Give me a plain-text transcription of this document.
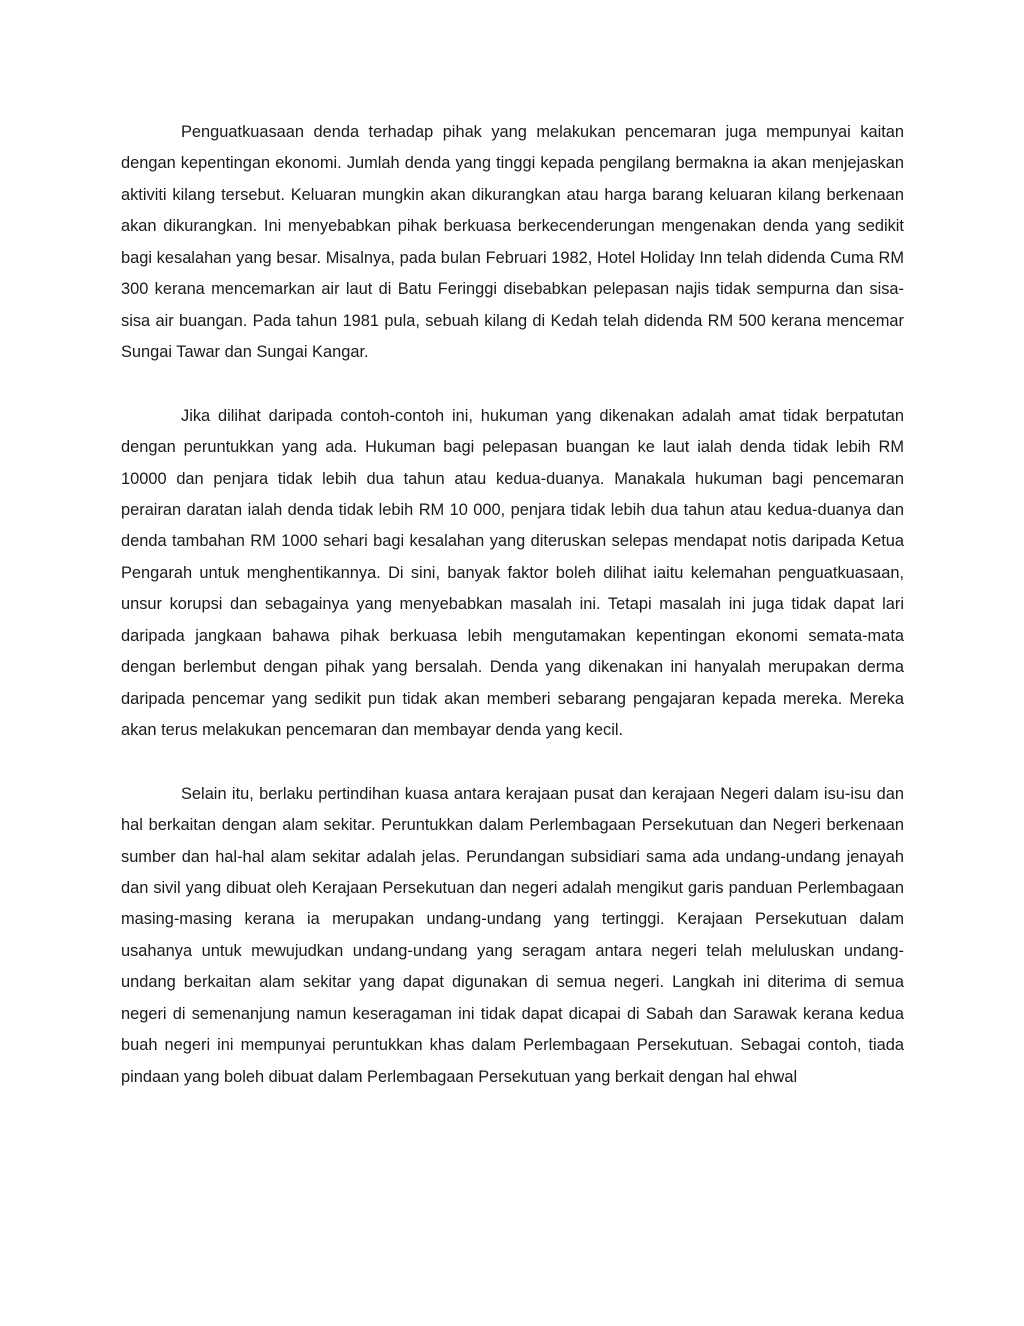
Penguatkuasaan denda terhadap pihak yang melakukan pencemaran juga mempunyai kaitan dengan kepentingan ekonomi. Jumlah denda yang tinggi kepada pengilang bermakna ia akan menjejaskan aktiviti kilang tersebut. Keluaran mungkin akan dikurangkan atau harga barang keluaran kilang berkenaan akan dikurangkan. Ini menyebabkan pihak berkuasa berkecenderungan mengenakan denda yang sedikit bagi kesalahan yang besar. Misalnya, pada bulan Februari 1982, Hotel Holiday Inn telah didenda Cuma RM 300 kerana mencemarkan air laut di Batu Feringgi disebabkan pelepasan najis tidak sempurna dan sisa-sisa air buangan. Pada tahun 1981 pula, sebuah kilang di Kedah telah didenda RM 500 kerana mencemar Sungai Tawar dan Sungai Kangar.

Jika dilihat daripada contoh-contoh ini, hukuman yang dikenakan adalah amat tidak berpatutan dengan peruntukkan yang ada. Hukuman bagi pelepasan buangan ke laut ialah denda tidak lebih RM 10000 dan penjara tidak lebih dua tahun atau kedua-duanya. Manakala hukuman bagi pencemaran perairan daratan ialah denda tidak lebih RM 10 000, penjara tidak lebih dua tahun atau kedua-duanya dan denda tambahan RM 1000 sehari bagi kesalahan yang diteruskan selepas mendapat notis daripada Ketua Pengarah untuk menghentikannya. Di sini, banyak faktor boleh dilihat iaitu kelemahan penguatkuasaan, unsur korupsi dan sebagainya yang menyebabkan masalah ini. Tetapi masalah ini juga tidak dapat lari daripada jangkaan bahawa pihak berkuasa lebih mengutamakan kepentingan ekonomi semata-mata dengan berlembut dengan pihak yang bersalah. Denda yang dikenakan ini hanyalah merupakan derma daripada pencemar yang sedikit pun tidak akan memberi sebarang pengajaran kepada mereka. Mereka akan terus melakukan pencemaran dan membayar denda yang kecil.

Selain itu, berlaku pertindihan kuasa antara kerajaan pusat dan kerajaan Negeri dalam isu-isu dan hal berkaitan dengan alam sekitar. Peruntukkan dalam Perlembagaan Persekutuan dan Negeri berkenaan sumber dan hal-hal alam sekitar adalah jelas. Perundangan subsidiari sama ada undang-undang jenayah dan sivil yang dibuat oleh Kerajaan Persekutuan dan negeri adalah mengikut garis panduan Perlembagaan masing-masing kerana ia merupakan undang-undang yang tertinggi. Kerajaan Persekutuan dalam usahanya untuk mewujudkan undang-undang yang seragam antara negeri telah meluluskan undang-undang berkaitan alam sekitar yang dapat digunakan di semua negeri. Langkah ini diterima di semua negeri di semenanjung namun keseragaman ini tidak dapat dicapai di Sabah dan Sarawak kerana kedua buah negeri ini mempunyai peruntukkan khas dalam Perlembagaan Persekutuan. Sebagai contoh, tiada pindaan yang boleh dibuat dalam Perlembagaan Persekutuan yang berkait dengan hal ehwal
